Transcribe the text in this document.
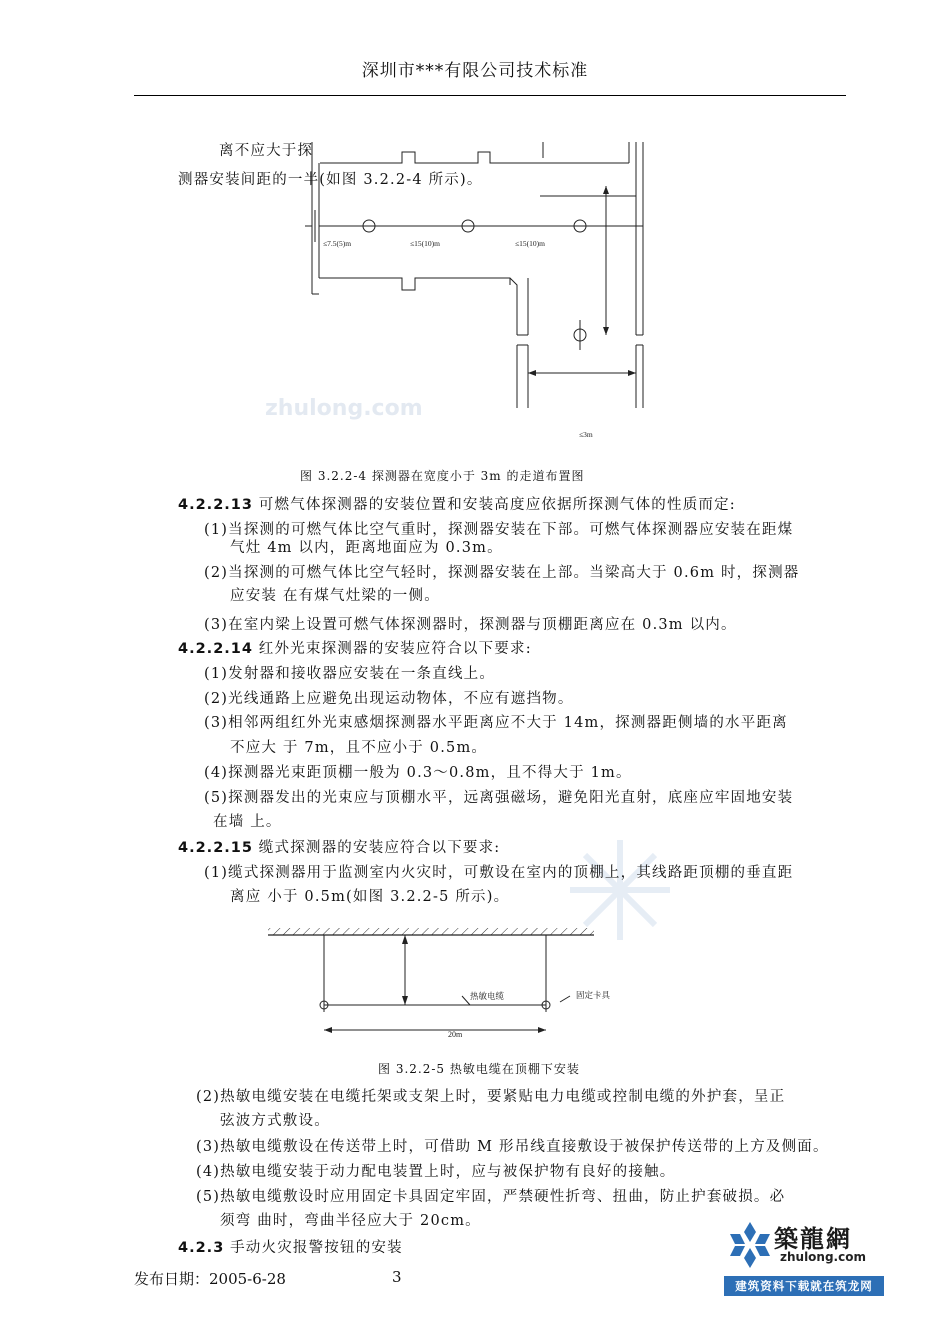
深圳市***有限公司技术标准
zhulong.com
离不应大于探
测器安装间距的一半(如图 3.2.2-4 所示)。
≤7.5(5)m	≤15(10)m	≤15(10)m
≤3m
图 3.2.2-4 探测器在宽度小于 3m 的走道布置图
4.2.2.13 可燃气体探测器的安装位置和安装高度应依据所探测气体的性质而定:
(1)当探测的可燃气体比空气重时，探测器安装在下部。可燃气体探测器应安装在距煤
气灶 4m 以内，距离地面应为 0.3m。
(2)当探测的可燃气体比空气轻时，探测器安装在上部。当梁高大于 0.6m 时，探测器
应安装 在有煤气灶梁的一侧。
(3)在室内梁上设置可燃气体探测器时，探测器与顶棚距离应在 0.3m 以内。
4.2.2.14 红外光束探测器的安装应符合以下要求:
(1)发射器和接收器应安装在一条直线上。
(2)光线通路上应避免出现运动物体，不应有遮挡物。
(3)相邻两组红外光束感烟探测器水平距离应不大于 14m，探测器距侧墙的水平距离
不应大 于 7m，且不应小于 0.5m。
(4)探测器光束距顶棚一般为 0.3～0.8m，且不得大于 1m。
(5)探测器发出的光束应与顶棚水平，远离强磁场，避免阳光直射，底座应牢固地安装
在墙 上。
4.2.2.15 缆式探测器的安装应符合以下要求:
(1)缆式探测器用于监测室内火灾时，可敷设在室内的顶棚上，其线路距顶棚的垂直距
离应 小于 0.5m(如图 3.2.2-5 所示)。
热敏电缆	固定卡具
20m
图 3.2.2-5 热敏电缆在顶棚下安装
(2)热敏电缆安装在电缆托架或支架上时，要紧贴电力电缆或控制电缆的外护套，呈正
弦波方式敷设。
(3)热敏电缆敷设在传送带上时，可借助 M 形吊线直接敷设于被保护传送带的上方及侧面。
(4)热敏电缆安装于动力配电装置上时，应与被保护物有良好的接触。
(5)热敏电缆敷设时应用固定卡具固定牢固，严禁硬性折弯、扭曲，防止护套破损。必
须弯 曲时，弯曲半径应大于 20cm。
4.2.3 手动火灾报警按钮的安装
发布日期：2005-6-28	3
築龍網
zhulong.com
建筑资料下载就在筑龙网
